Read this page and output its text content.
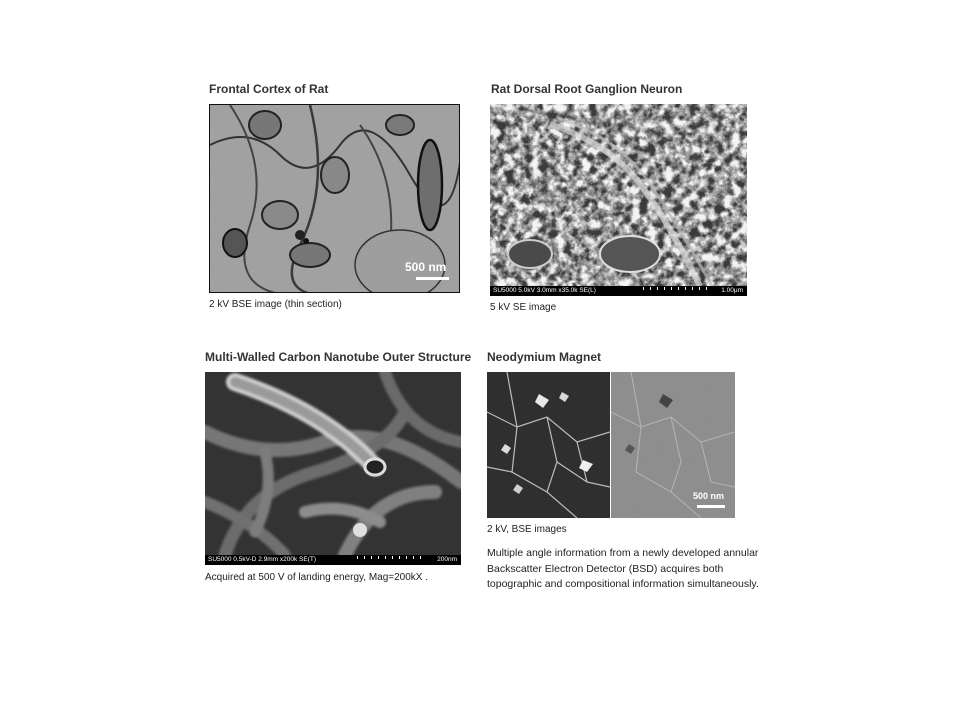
Frontal Cortex of Rat
500 nm
2 kV BSE image (thin section)
Rat Dorsal Root Ganglion Neuron
SU5000 5.0kV 3.0mm x35.0k SE(L)	1.00μm
5 kV SE image
Multi-Walled Carbon Nanotube Outer Structure
SU5000 0.5kV-D 2.9mm x200k SE(T)	200nm
Acquired at 500 V of landing energy, Mag=200kX .
Neodymium Magnet
500 nm
2 kV, BSE images
Multiple angle information from a newly developed annular Backscatter Electron Detector (BSD) acquires both topographic and compositional information simultaneously.
